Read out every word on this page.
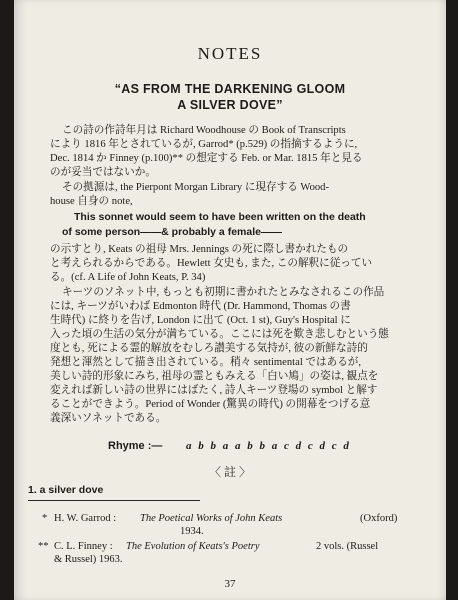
NOTES
“AS FROM THE DARKENING GLOOM
A SILVER DOVE”
この詩の作詩年月は Richard Woodhouse の Book of Transcripts
により 1816 年とされているが, Garrod* (p.529) の指摘するように,
Dec. 1814 か Finney (p.100)** の想定する Feb. or Mar. 1815 年と見る
のが妥当ではないか。
その拠源は, the Pierpont Morgan Library に現存する Wood-
house 自身の note,
This sonnet would seem to have been written on the death
of some person——& probably a female——
の示すとり, Keats の祖母 Mrs. Jennings の死に際し書かれたもの
と考えられるからである。Hewlett 女史も, また, この解釈に従ってい
る。(cf. A Life of John Keats, P. 34)
キーツのソネット中, もっとも初期に書かれたとみなされるこの作品
には, キーツがいわば Edmonton 時代 (Dr. Hammond, Thomas の書
生時代) に終りを告げ, London に出て (Oct. 1 st), Guy's Hospital に
入った頃の生活の気分が満ちている。ここには死を歎き悲しむという態
度とも, 死による霊的解放をむしろ讃美する気持が, 彼の新鮮な詩的
発想と渾然として描き出されている。稍々 sentimental ではあるが,
美しい詩的形象にみち, 祖母の霊ともみえる「白い鳩」の姿は, 観点を
変えれば新しい詩の世界にはばたく, 詩人キーツ登場の symbol と解す
ることができよう。Period of Wonder (驚異の時代) の開幕をつげる意
義深いソネットである。
Rhyme :— a b b a a b b a c d c d c d
〈 註 〉
1. a silver dove
* H. W. Garrod : The Poetical Works of John Keats	(Oxford)
1934.
** C. L. Finney : The Evolution of Keats's Poetry	2 vols. (Russel
& Russel) 1963.
37
